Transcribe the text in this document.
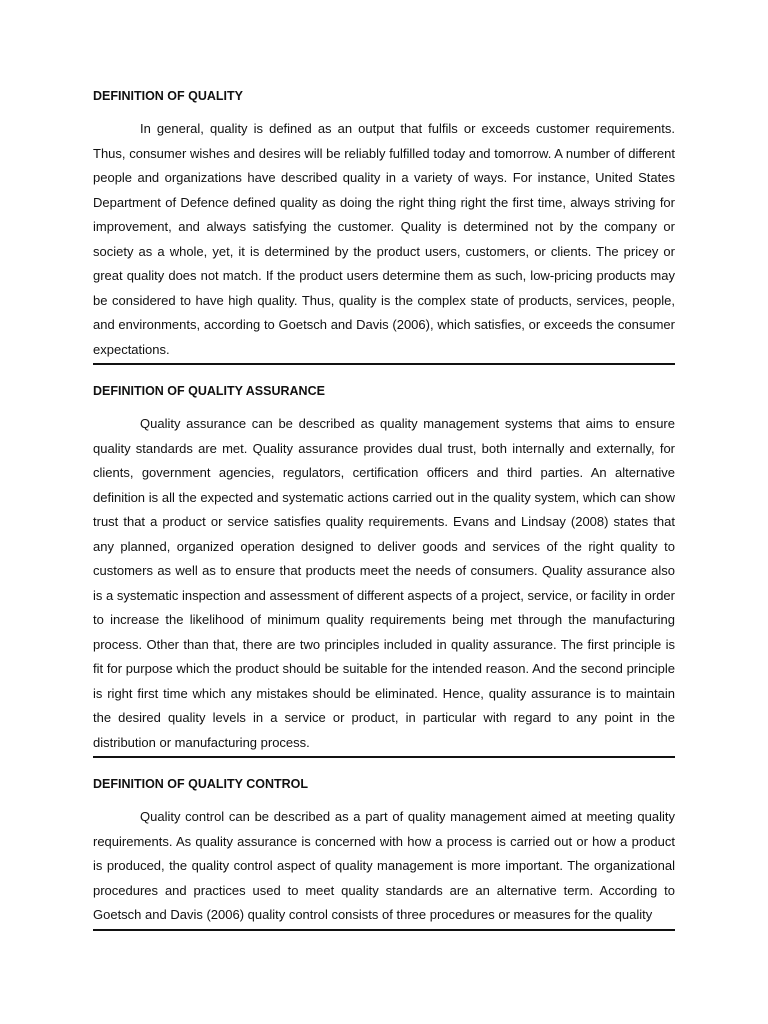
DEFINITION OF QUALITY

In general, quality is defined as an output that fulfils or exceeds customer requirements. Thus, consumer wishes and desires will be reliably fulfilled today and tomorrow. A number of different people and organizations have described quality in a variety of ways. For instance, United States Department of Defence defined quality as doing the right thing right the first time, always striving for improvement, and always satisfying the customer. Quality is determined not by the company or society as a whole, yet, it is determined by the product users, customers, or clients. The pricey or great quality does not match. If the product users determine them as such, low-pricing products may be considered to have high quality. Thus, quality is the complex state of products, services, people, and environments, according to Goetsch and Davis (2006), which satisfies, or exceeds the consumer expectations.

DEFINITION OF QUALITY ASSURANCE

Quality assurance can be described as quality management systems that aims to ensure quality standards are met. Quality assurance provides dual trust, both internally and externally, for clients, government agencies, regulators, certification officers and third parties. An alternative definition is all the expected and systematic actions carried out in the quality system, which can show trust that a product or service satisfies quality requirements. Evans and Lindsay (2008) states that any planned, organized operation designed to deliver goods and services of the right quality to customers as well as to ensure that products meet the needs of consumers. Quality assurance also is a systematic inspection and assessment of different aspects of a project, service, or facility in order to increase the likelihood of minimum quality requirements being met through the manufacturing process. Other than that, there are two principles included in quality assurance. The first principle is fit for purpose which the product should be suitable for the intended reason. And the second principle is right first time which any mistakes should be eliminated. Hence, quality assurance is to maintain the desired quality levels in a service or product, in particular with regard to any point in the distribution or manufacturing process.

DEFINITION OF QUALITY CONTROL

Quality control can be described as a part of quality management aimed at meeting quality requirements. As quality assurance is concerned with how a process is carried out or how a product is produced, the quality control aspect of quality management is more important. The organizational procedures and practices used to meet quality standards are an alternative term. According to Goetsch and Davis (2006) quality control consists of three procedures or measures for the quality
